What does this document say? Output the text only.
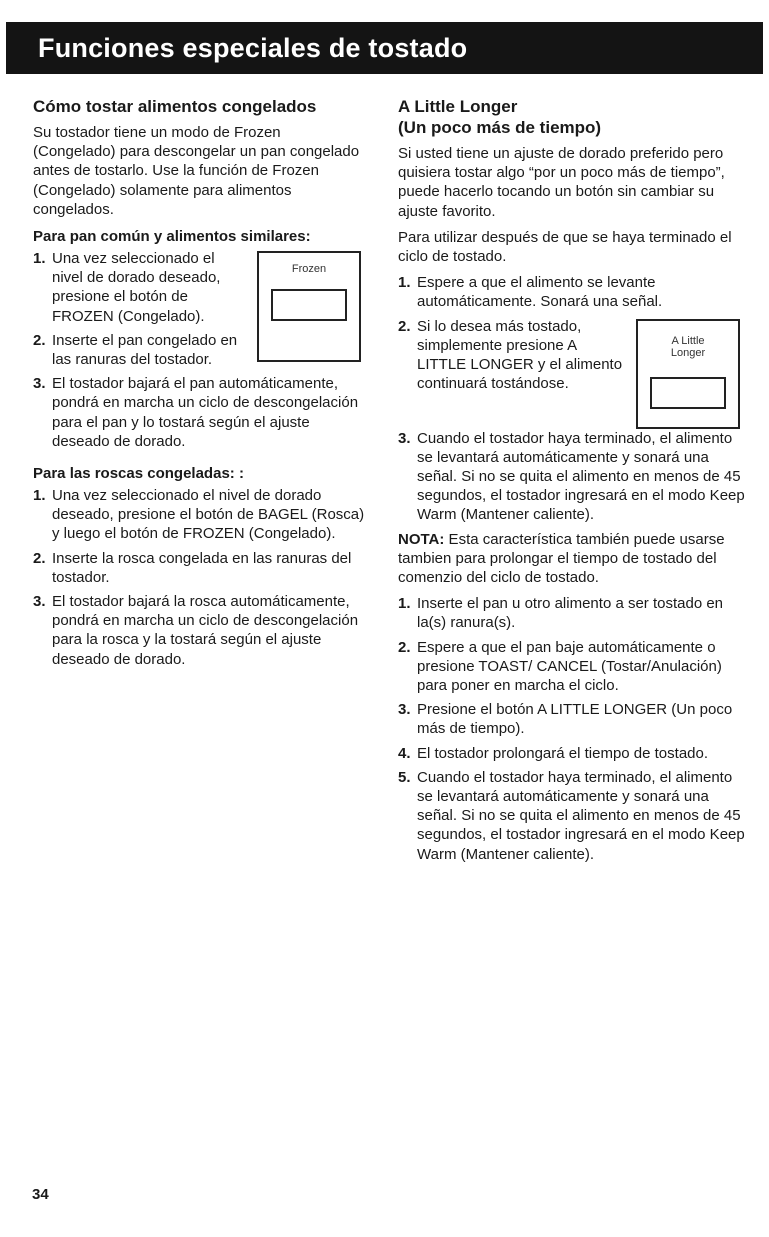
Funciones especiales de tostado
Cómo tostar alimentos congelados

Su tostador tiene un modo de Frozen (Congelado) para descongelar un pan congelado antes de tostarlo. Use la función de Frozen (Congelado) solamente para alimentos congelados.

Para pan común y alimentos similares:
Frozen
1. Una vez seleccionado el nivel de dorado deseado, presione el botón de FROZEN (Congelado).
2. Inserte el pan congelado en las ranuras del tostador.
3. El tostador bajará el pan automáticamente, pondrá en marcha un ciclo de descongelación para el pan y lo tostará según el ajuste deseado de dorado.
Para las roscas congeladas: :
1. Una vez seleccionado el nivel de dorado deseado, presione el botón de BAGEL (Rosca) y luego el botón de FROZEN (Congelado).
2. Inserte la rosca congelada en las ranuras del tostador.
3. El tostador bajará la rosca automáticamente, pondrá en marcha un ciclo de descongelación para la rosca y la tostará según el ajuste deseado de dorado.
A Little Longer
(Un poco más de tiempo)

Si usted tiene un ajuste de dorado preferido pero quisiera tostar algo “por un poco más de tiempo”, puede hacerlo tocando un botón sin cambiar su ajuste favorito.

Para utilizar después de que se haya terminado el ciclo de tostado.

1. Espere a que el alimento se levante automáticamente. Sonará una señal.
A Little Longer
2. Si lo desea más tostado, simplemente presione A LITTLE LONGER y el alimento continuará tostándose.
3. Cuando el tostador haya terminado, el alimento se levantará automáticamente y sonará una señal. Si no se quita el alimento en menos de 45 segundos, el tostador ingresará en el modo Keep Warm (Mantener caliente).

NOTA: Esta característica también puede usarse tambien para prolongar el tiempo de tostado del comenzio del ciclo de tostado.

1. Inserte el pan u otro alimento a ser tostado en la(s) ranura(s).
2. Espere a que el pan baje automáticamente o presione TOAST/ CANCEL (Tostar/Anulación) para poner en marcha el ciclo.
3. Presione el botón A LITTLE LONGER (Un poco más de tiempo).
4. El tostador prolongará el tiempo de tostado.
5. Cuando el tostador haya terminado, el alimento se levantará automáticamente y sonará una señal. Si no se quita el alimento en menos de 45 segundos, el tostador ingresará en el modo Keep Warm (Mantener caliente).
34
